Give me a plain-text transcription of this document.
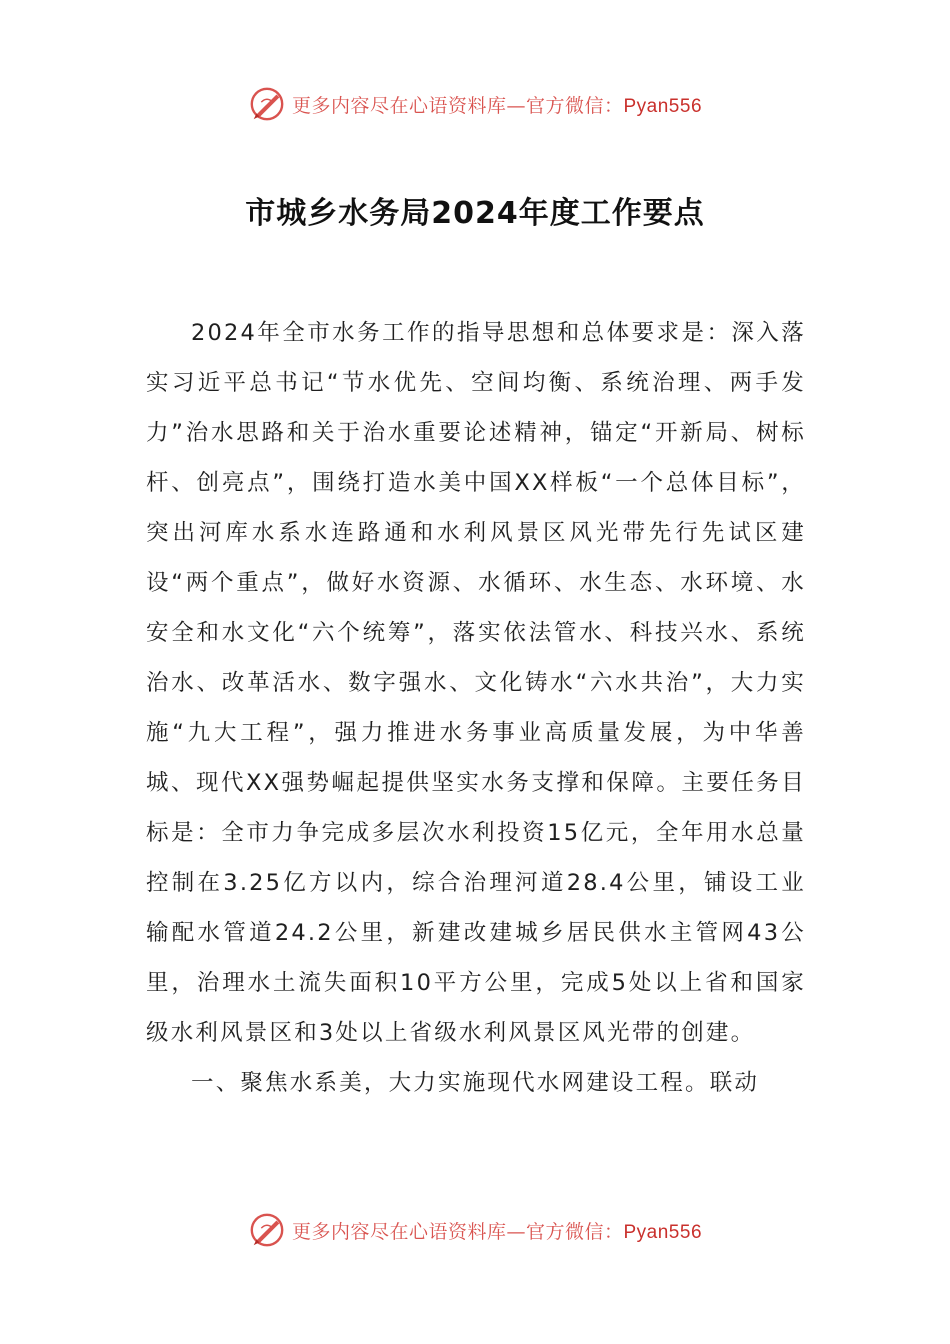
更多内容尽在心语资料库—官方微信：Pyan556
市城乡水务局2024年度工作要点

2024年全市水务工作的指导思想和总体要求是：深入落实习近平总书记“节水优先、空间均衡、系统治理、两手发力”治水思路和关于治水重要论述精神，锚定“开新局、树标杆、创亮点”，围绕打造水美中国XX样板“一个总体目标”，突出河库水系水连路通和水利风景区风光带先行先试区建设“两个重点”，做好水资源、水循环、水生态、水环境、水安全和水文化“六个统筹”，落实依法管水、科技兴水、系统治水、改革活水、数字强水、文化铸水“六水共治”，大力实施“九大工程”，强力推进水务事业高质量发展，为中华善城、现代XX强势崛起提供坚实水务支撑和保障。主要任务目标是：全市力争完成多层次水利投资15亿元，全年用水总量控制在3.25亿方以内，综合治理河道28.4公里，铺设工业输配水管道24.2公里，新建改建城乡居民供水主管网43公里，治理水土流失面积10平方公里，完成5处以上省和国家级水利风景区和3处以上省级水利风景区风光带的创建。

一、聚焦水系美，大力实施现代水网建设工程。联动

更多内容尽在心语资料库—官方微信：Pyan556
